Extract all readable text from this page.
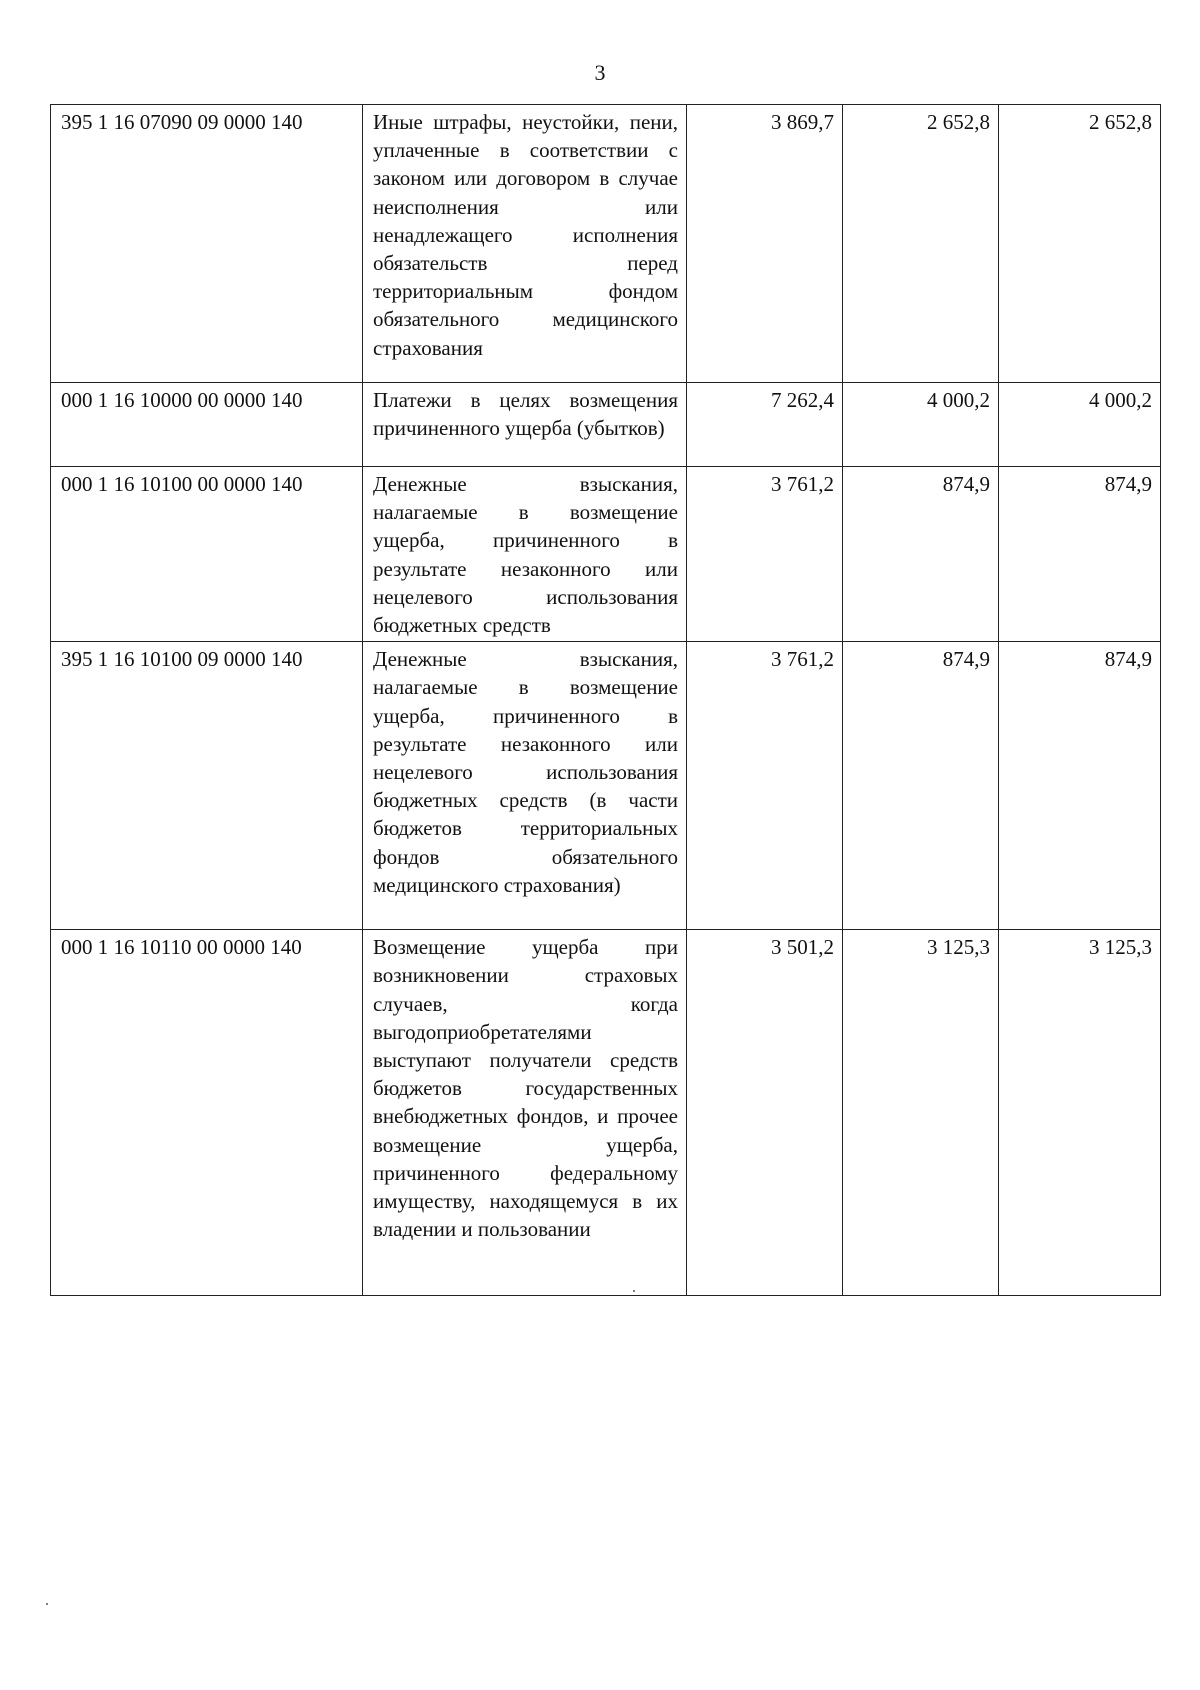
3
395 1 16 07090 09 0000 140	Иные штрафы, неустойки, пени, уплаченные в соответствии с законом или договором в случае неисполнения или ненадлежащего исполнения обязательств перед территориальным фондом обязательного медицинского страхования	3 869,7	2 652,8	2 652,8
000 1 16 10000 00 0000 140	Платежи в целях возмещения причиненного ущерба (убытков)	7 262,4	4 000,2	4 000,2
000 1 16 10100 00 0000 140	Денежные взыскания, налагаемые в возмещение ущерба, причиненного в результате незаконного или нецелевого использования бюджетных средств	3 761,2	874,9	874,9
395 1 16 10100 09 0000 140	Денежные взыскания, налагаемые в возмещение ущерба, причиненного в результате незаконного или нецелевого использования бюджетных средств (в части бюджетов территориальных фондов обязательного медицинского страхования)	3 761,2	874,9	874,9
000 1 16 10110 00 0000 140	Возмещение ущерба при возникновении страховых случаев, когда выгодоприобретателями выступают получатели средств бюджетов государственных внебюджетных фондов, и прочее возмещение ущерба, причиненного федеральному имуществу, находящемуся в их владении и пользовании	3 501,2	3 125,3	3 125,3
